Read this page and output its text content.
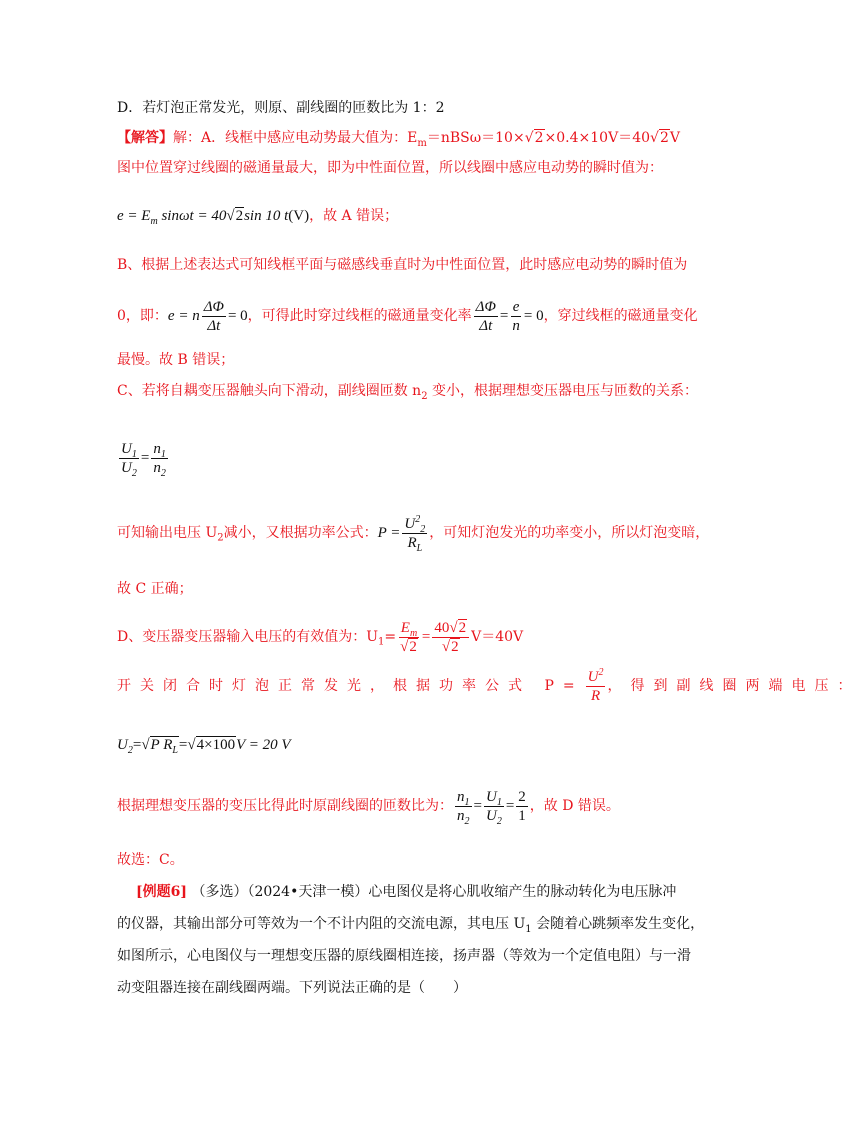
D．若灯泡正常发光，则原、副线圈的匝数比为 1：2
【解答】解：A．线框中感应电动势最大值为：$E_m=nBS\omega=10\times√2\times 0.4\times 10V=40√2V$
图中位置穿过线圈的磁通量最大，即为中性面位置，所以线圈中感应电动势的瞬时值为：
$e = E_m$ sinωt = 40√2sin 10 t(V)，故 A 错误；
B、根据上述表达式可知线框平面与磁感线垂直时为中性面位置，此时感应电动势的瞬时值为
0，即：e = n $\frac{\Delta\Phi}{\Delta t} = 0$，可得此时穿过线框的磁通量变化率 $\frac{\Delta\Phi}{\Delta t} = \frac{e}{n} = 0$，穿过线框的磁通量变化
最慢。故 B 错误；
C、若将自耦变压器触头向下滑动，副线圈匝数 $n_2$ 变小，根据理想变压器电压与匝数的关系：
$\frac{U_1}{U_2} = \frac{n_1}{n_2}$
可知输出电压 $U_2$减小，又根据功率公式：$P = \frac{U^2_2}{R_L}$ ，可知灯泡发光的功率变小，所以灯泡变暗，
故 C 正确；
D、变压器变压器输入电压的有效值为：$U_1= \frac{E_m}{√2} = \frac{40√2}{√2} V=40V$
开关闭合时灯泡正常发光，根据功率公式 $P= \frac{U^2}{R}$ ，得到副线圈两端电压：
$U_2=√P$ $R_L=√4\times 100V = 20$ V
根据理想变压器的变压比得此时原副线圈的匝数比为： $\frac{n_1}{n_2} = \frac{U_1}{U_2} = \frac{2}{1}$ ，故 D 错误。
故选：C。
[例题6] （多选）（2024•天津一模）心电图仪是将心肌收缩产生的脉动转化为电压脉冲
的仪器，其输出部分可等效为一个不计内阻的交流电源，其电压 $U_1$ 会随着心跳频率发生变化，
如图所示，心电图仪与一理想变压器的原线圈相连接，扬声器（等效为一个定值电阻）与一滑
动变阻器连接在副线圈两端。下列说法正确的是（　　）
